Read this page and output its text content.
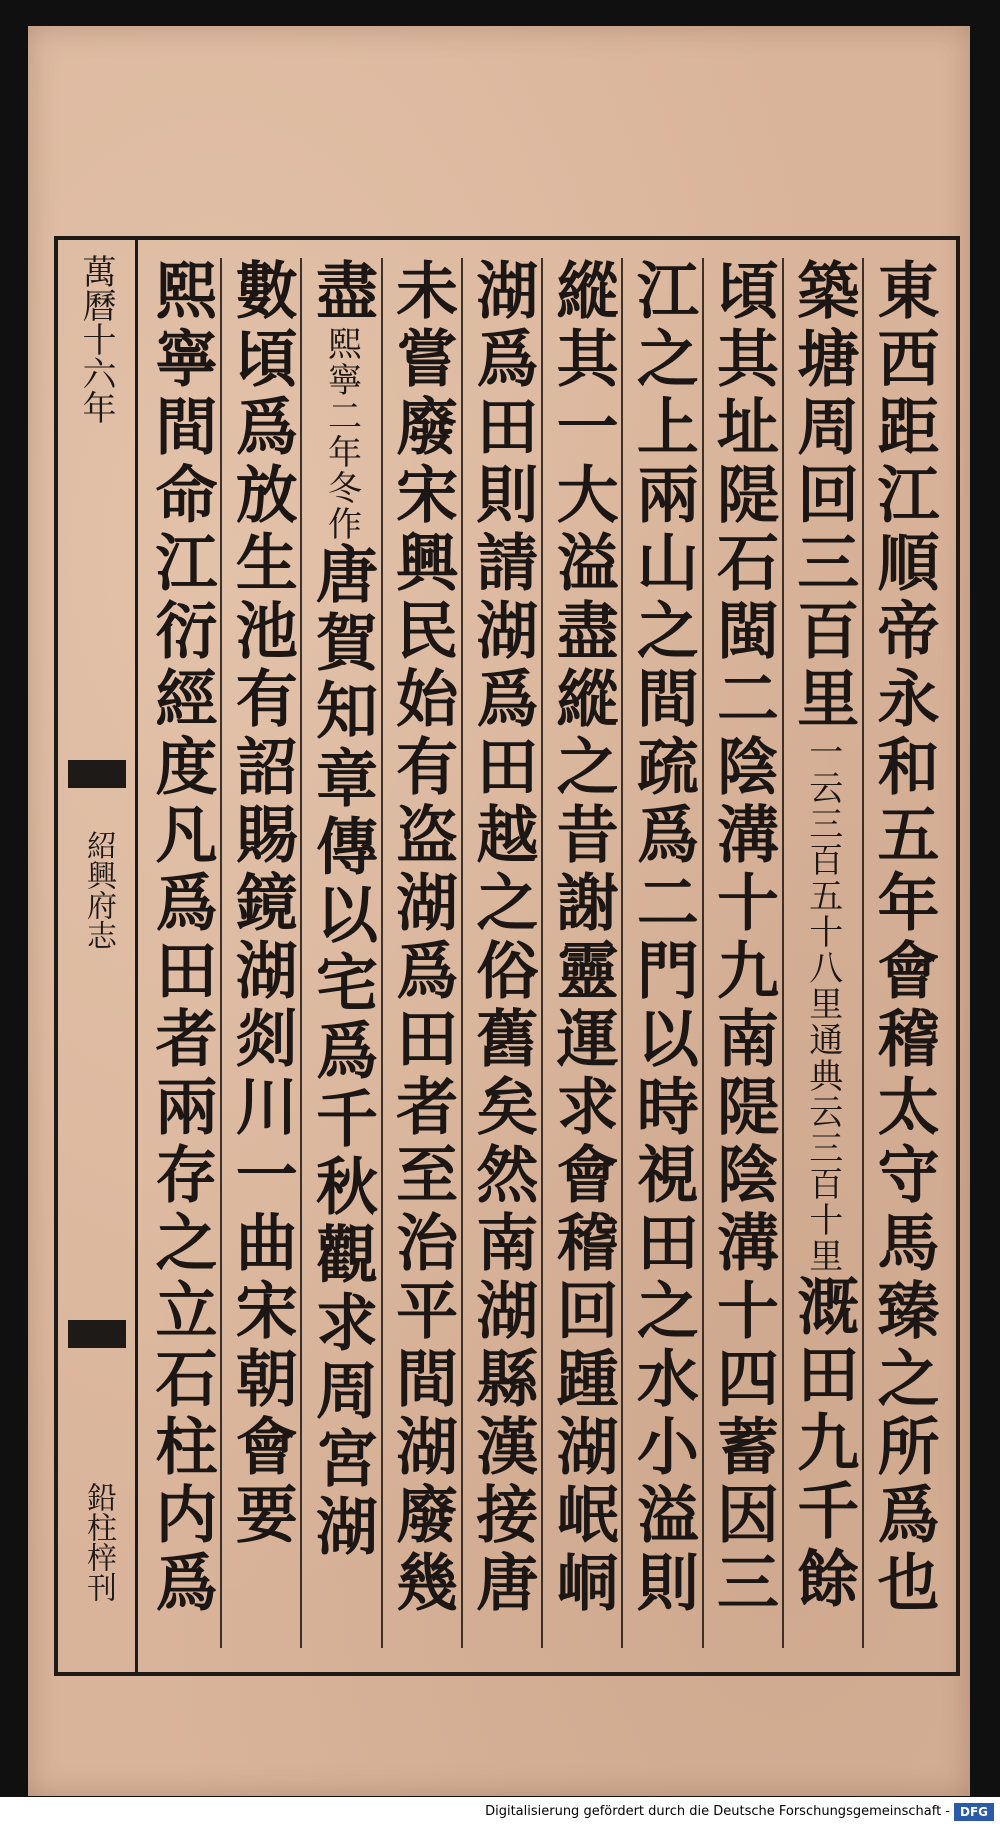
萬曆十六年
紹興府志
鉛柱梓刊	東西距江順帝永和五年會稽太守馬臻之所爲也
築塘周回三百里一云三百五十八里通典云三百十里溉田九千餘
頃其址隄石閩二陰溝十九南隄陰溝十四蓄因三
江之上兩山之間疏爲二門以時視田之水小溢則
縱其一大溢盡縱之昔謝靈運求會稽回踵湖岷峒
湖爲田則請湖爲田越之俗舊矣然南湖縣漢接唐
未嘗廢宋興民始有盗湖爲田者至治平間湖廢幾
盡熙寧二年冬作唐賀知章傳以宅爲千秋觀求周宮湖
數頃爲放生池有詔賜鏡湖剡川一曲宋朝會要
熙寧間命江衍經度凡爲田者兩存之立石柱内爲
Digitalisierung gefördert durch die Deutsche Forschungsgemeinschaft - DFG
